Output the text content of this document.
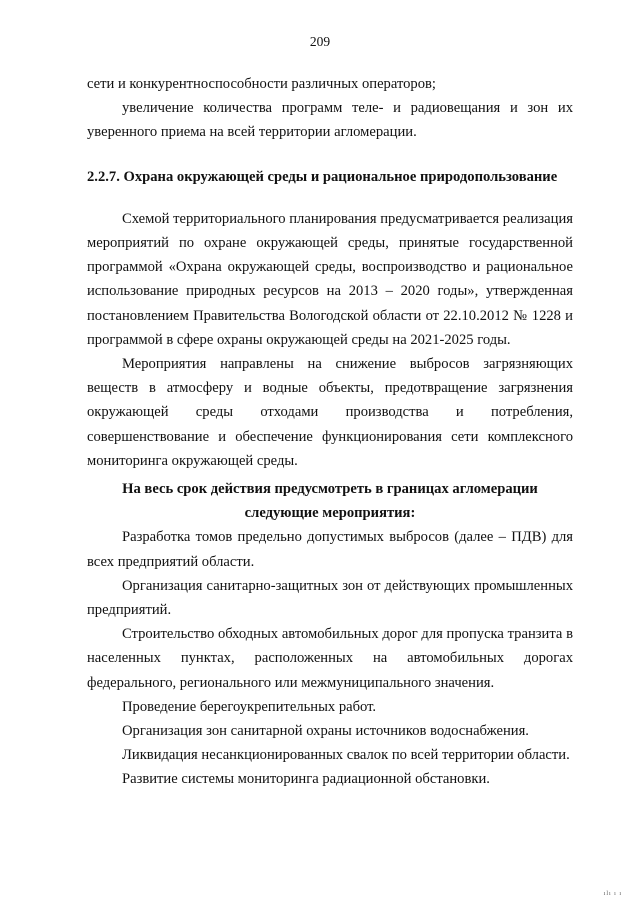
209

сети и конкурентноспособности различных операторов;

увеличение количества программ теле- и радиовещания и зон их уверенного приема на всей территории агломерации.

2.2.7. Охрана окружающей среды и рациональное природопользование

Схемой территориального планирования предусматривается реализация мероприятий по охране окружающей среды, принятые государственной программой «Охрана окружающей среды, воспроизводство и рациональное использование природных ресурсов на 2013 – 2020 годы», утвержденная постановлением Правительства Вологодской области от 22.10.2012 № 1228 и программой в сфере охраны окружающей среды на 2021-2025 годы.

Мероприятия направлены на снижение выбросов загрязняющих веществ в атмосферу и водные объекты, предотвращение загрязнения окружающей среды отходами производства и потребления, совершенствование и обеспечение функционирования сети комплексного мониторинга окружающей среды.

На весь срок действия предусмотреть в границах агломерации следующие мероприятия:

Разработка томов предельно допустимых выбросов (далее – ПДВ) для всех предприятий области.

Организация санитарно-защитных зон от действующих промышленных предприятий.

Строительство обходных автомобильных дорог для пропуска транзита в населенных пунктах, расположенных на автомобильных дорогах федерального, регионального или межмуниципального значения.

Проведение берегоукрепительных работ.

Организация зон санитарной охраны источников водоснабжения.

Ликвидация несанкционированных свалок по всей территории области.

Развитие системы мониторинга радиационной обстановки.

ılı ı ı
